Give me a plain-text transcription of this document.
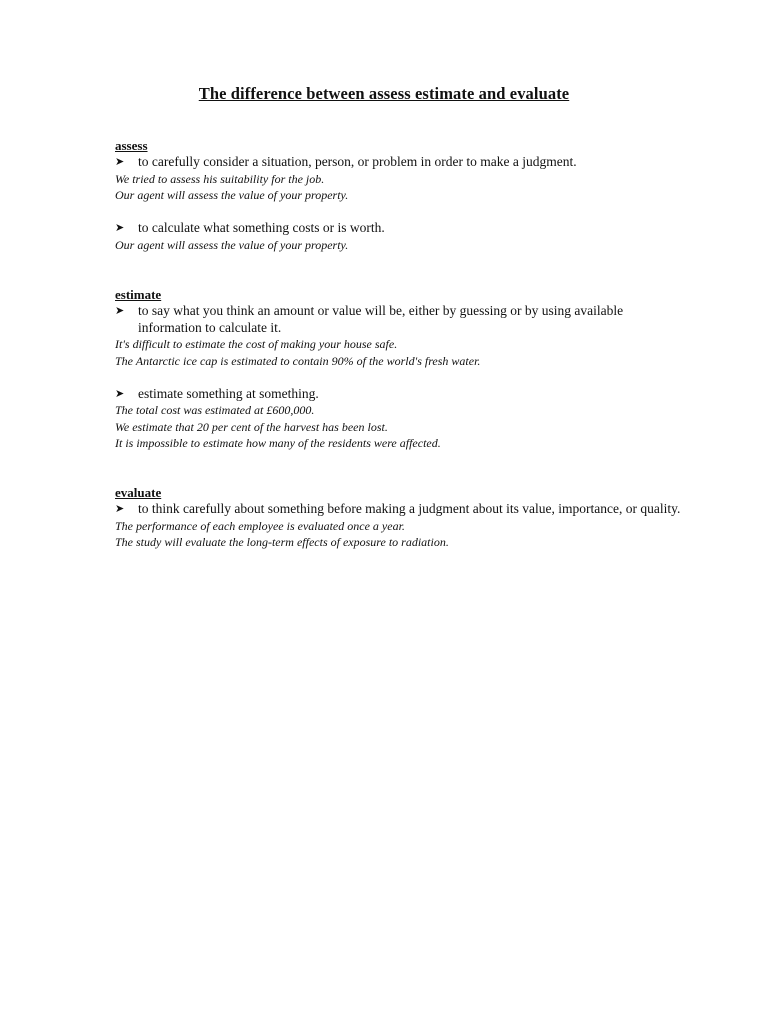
The difference between assess estimate and evaluate
assess
➤ to carefully consider a situation, person, or problem in order to make a judgment.
We tried to assess his suitability for the job.
Our agent will assess the value of your property.
➤ to calculate what something costs or is worth.
Our agent will assess the value of your property.
estimate
➤ to say what you think an amount or value will be, either by guessing or by using available information to calculate it.
It's difficult to estimate the cost of making your house safe.
The Antarctic ice cap is estimated to contain 90% of the world's fresh water.
➤ estimate something at something.
The total cost was estimated at £600,000.
We estimate that 20 per cent of the harvest has been lost.
It is impossible to estimate how many of the residents were affected.
evaluate
➤ to think carefully about something before making a judgment about its value, importance, or quality.
The performance of each employee is evaluated once a year.
The study will evaluate the long-term effects of exposure to radiation.
